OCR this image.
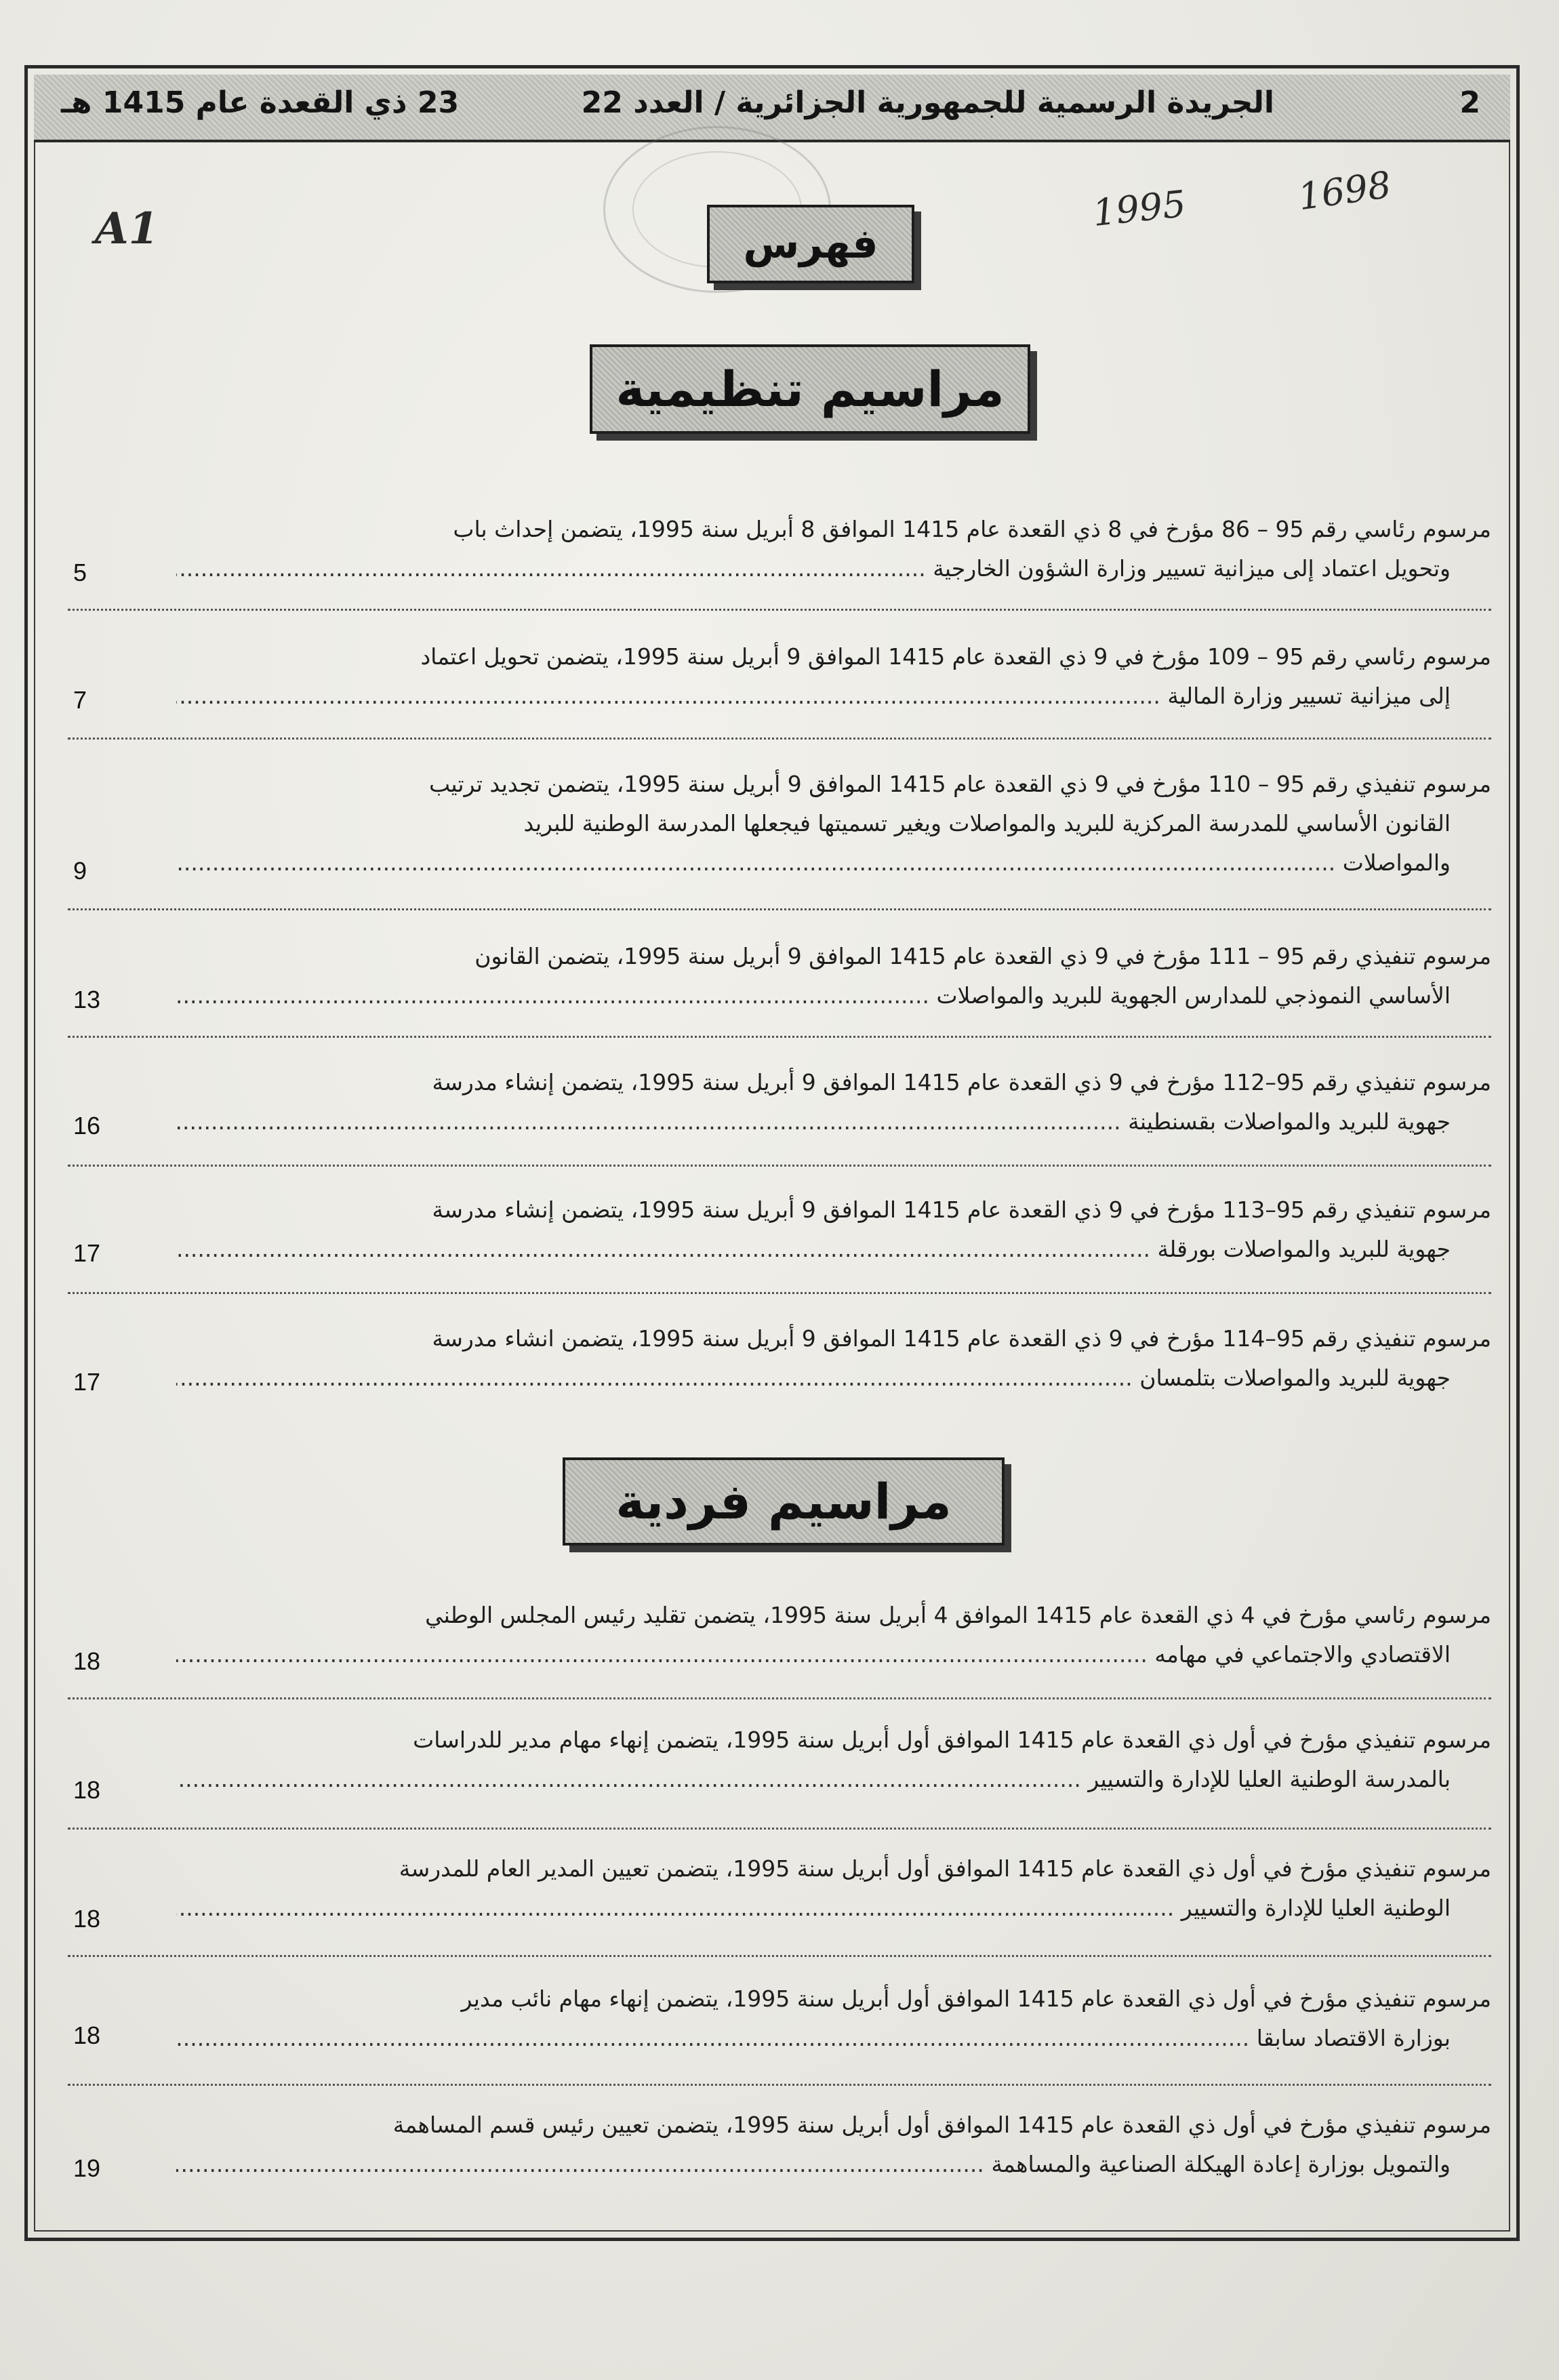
2
الجريدة الرسمية للجمهورية الجزائرية / العدد 22
23 ذي القعدة عام 1415 هـ
A1	1995	1698
فهرس
مراسيم تنظيمية
مرسوم رئاسي رقم 95 – 86 مؤرخ في 8 ذي القعدة عام 1415 الموافق 8 أبريل سنة 1995، يتضمن إحداث باب
وتحويل اعتماد إلى ميزانية تسيير وزارة الشؤون الخارجية .....
5
مرسوم رئاسي رقم 95 – 109 مؤرخ في 9 ذي القعدة عام 1415 الموافق 9 أبريل سنة 1995، يتضمن تحويل اعتماد
إلى ميزانية تسيير وزارة المالية .....
7
مرسوم تنفيذي رقم 95 – 110 مؤرخ في 9 ذي القعدة عام 1415 الموافق 9 أبريل سنة 1995، يتضمن تجديد ترتيب
القانون الأساسي للمدرسة المركزية للبريد والمواصلات ويغير تسميتها فيجعلها المدرسة الوطنية للبريد
والمواصلات .....
9
مرسوم تنفيذي رقم 95 – 111 مؤرخ في 9 ذي القعدة عام 1415 الموافق 9 أبريل سنة 1995، يتضمن القانون
الأساسي النموذجي للمدارس الجهوية للبريد والمواصلات .....
13
مرسوم تنفيذي رقم 95–112 مؤرخ في 9 ذي القعدة عام 1415 الموافق 9 أبريل سنة 1995، يتضمن إنشاء مدرسة
جهوية للبريد والمواصلات بقسنطينة .....
16
مرسوم تنفيذي رقم 95–113 مؤرخ في 9 ذي القعدة عام 1415 الموافق 9 أبريل سنة 1995، يتضمن إنشاء مدرسة
جهوية للبريد والمواصلات بورقلة .....
17
مرسوم تنفيذي رقم 95–114 مؤرخ في 9 ذي القعدة عام 1415 الموافق 9 أبريل سنة 1995، يتضمن انشاء مدرسة
جهوية للبريد والمواصلات بتلمسان .....
17
مراسيم فردية
مرسوم رئاسي مؤرخ في 4 ذي القعدة عام 1415 الموافق 4 أبريل سنة 1995، يتضمن تقليد رئيس المجلس الوطني
الاقتصادي والاجتماعي في مهامه .....
18
مرسوم تنفيذي مؤرخ في أول ذي القعدة عام 1415 الموافق أول أبريل سنة 1995، يتضمن إنهاء مهام مدير للدراسات
بالمدرسة الوطنية العليا للإدارة والتسيير .....
18
مرسوم تنفيذي مؤرخ في أول ذي القعدة عام 1415 الموافق أول أبريل سنة 1995، يتضمن تعيين المدير العام للمدرسة
الوطنية العليا للإدارة والتسيير .....
18
مرسوم تنفيذي مؤرخ في أول ذي القعدة عام 1415 الموافق أول أبريل سنة 1995، يتضمن إنهاء مهام نائب مدير
بوزارة الاقتصاد سابقا .....
18
مرسوم تنفيذي مؤرخ في أول ذي القعدة عام 1415 الموافق أول أبريل سنة 1995، يتضمن تعيين رئيس قسم المساهمة
والتمويل بوزارة إعادة الهيكلة الصناعية والمساهمة .....
19
